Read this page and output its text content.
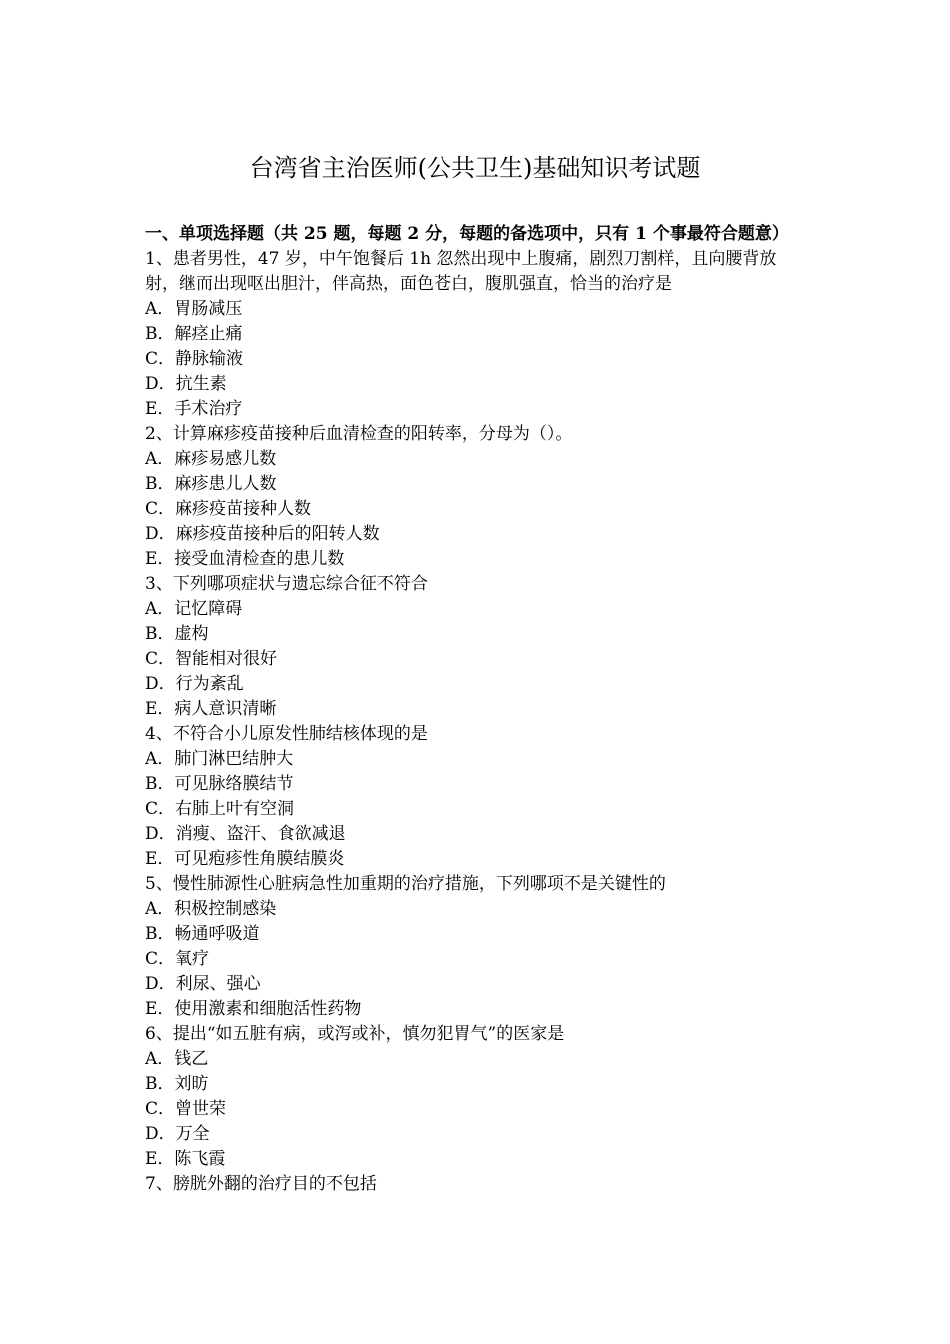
台湾省主治医师(公共卫生)基础知识考试题
一、单项选择题（共 25 题，每题 2 分，每题的备选项中，只有 1 个事最符合题意）
1、患者男性，47 岁，中午饱餐后 1h 忽然出现中上腹痛，剧烈刀割样，且向腰背放射，继而出现呕出胆汁，伴高热，面色苍白，腹肌强直，恰当的治疗是
A．胃肠减压
B．解痉止痛
C．静脉输液
D．抗生素
E．手术治疗
2、计算麻疹疫苗接种后血清检查的阳转率，分母为（）。
A．麻疹易感儿数
B．麻疹患儿人数
C．麻疹疫苗接种人数
D．麻疹疫苗接种后的阳转人数
E．接受血清检查的患儿数
3、下列哪项症状与遗忘综合征不符合
A．记忆障碍
B．虚构
C．智能相对很好
D．行为紊乱
E．病人意识清晰
4、不符合小儿原发性肺结核体现的是
A．肺门淋巴结肿大
B．可见脉络膜结节
C．右肺上叶有空洞
D．消瘦、盗汗、食欲减退
E．可见疱疹性角膜结膜炎
5、慢性肺源性心脏病急性加重期的治疗措施，下列哪项不是关键性的
A．积极控制感染
B．畅通呼吸道
C．氧疗
D．利尿、强心
E．使用激素和细胞活性药物
6、提出“如五脏有病，或泻或补，慎勿犯胃气”的医家是
A．钱乙
B．刘昉
C．曾世荣
D．万全
E．陈飞霞
7、膀胱外翻的治疗目的不包括
